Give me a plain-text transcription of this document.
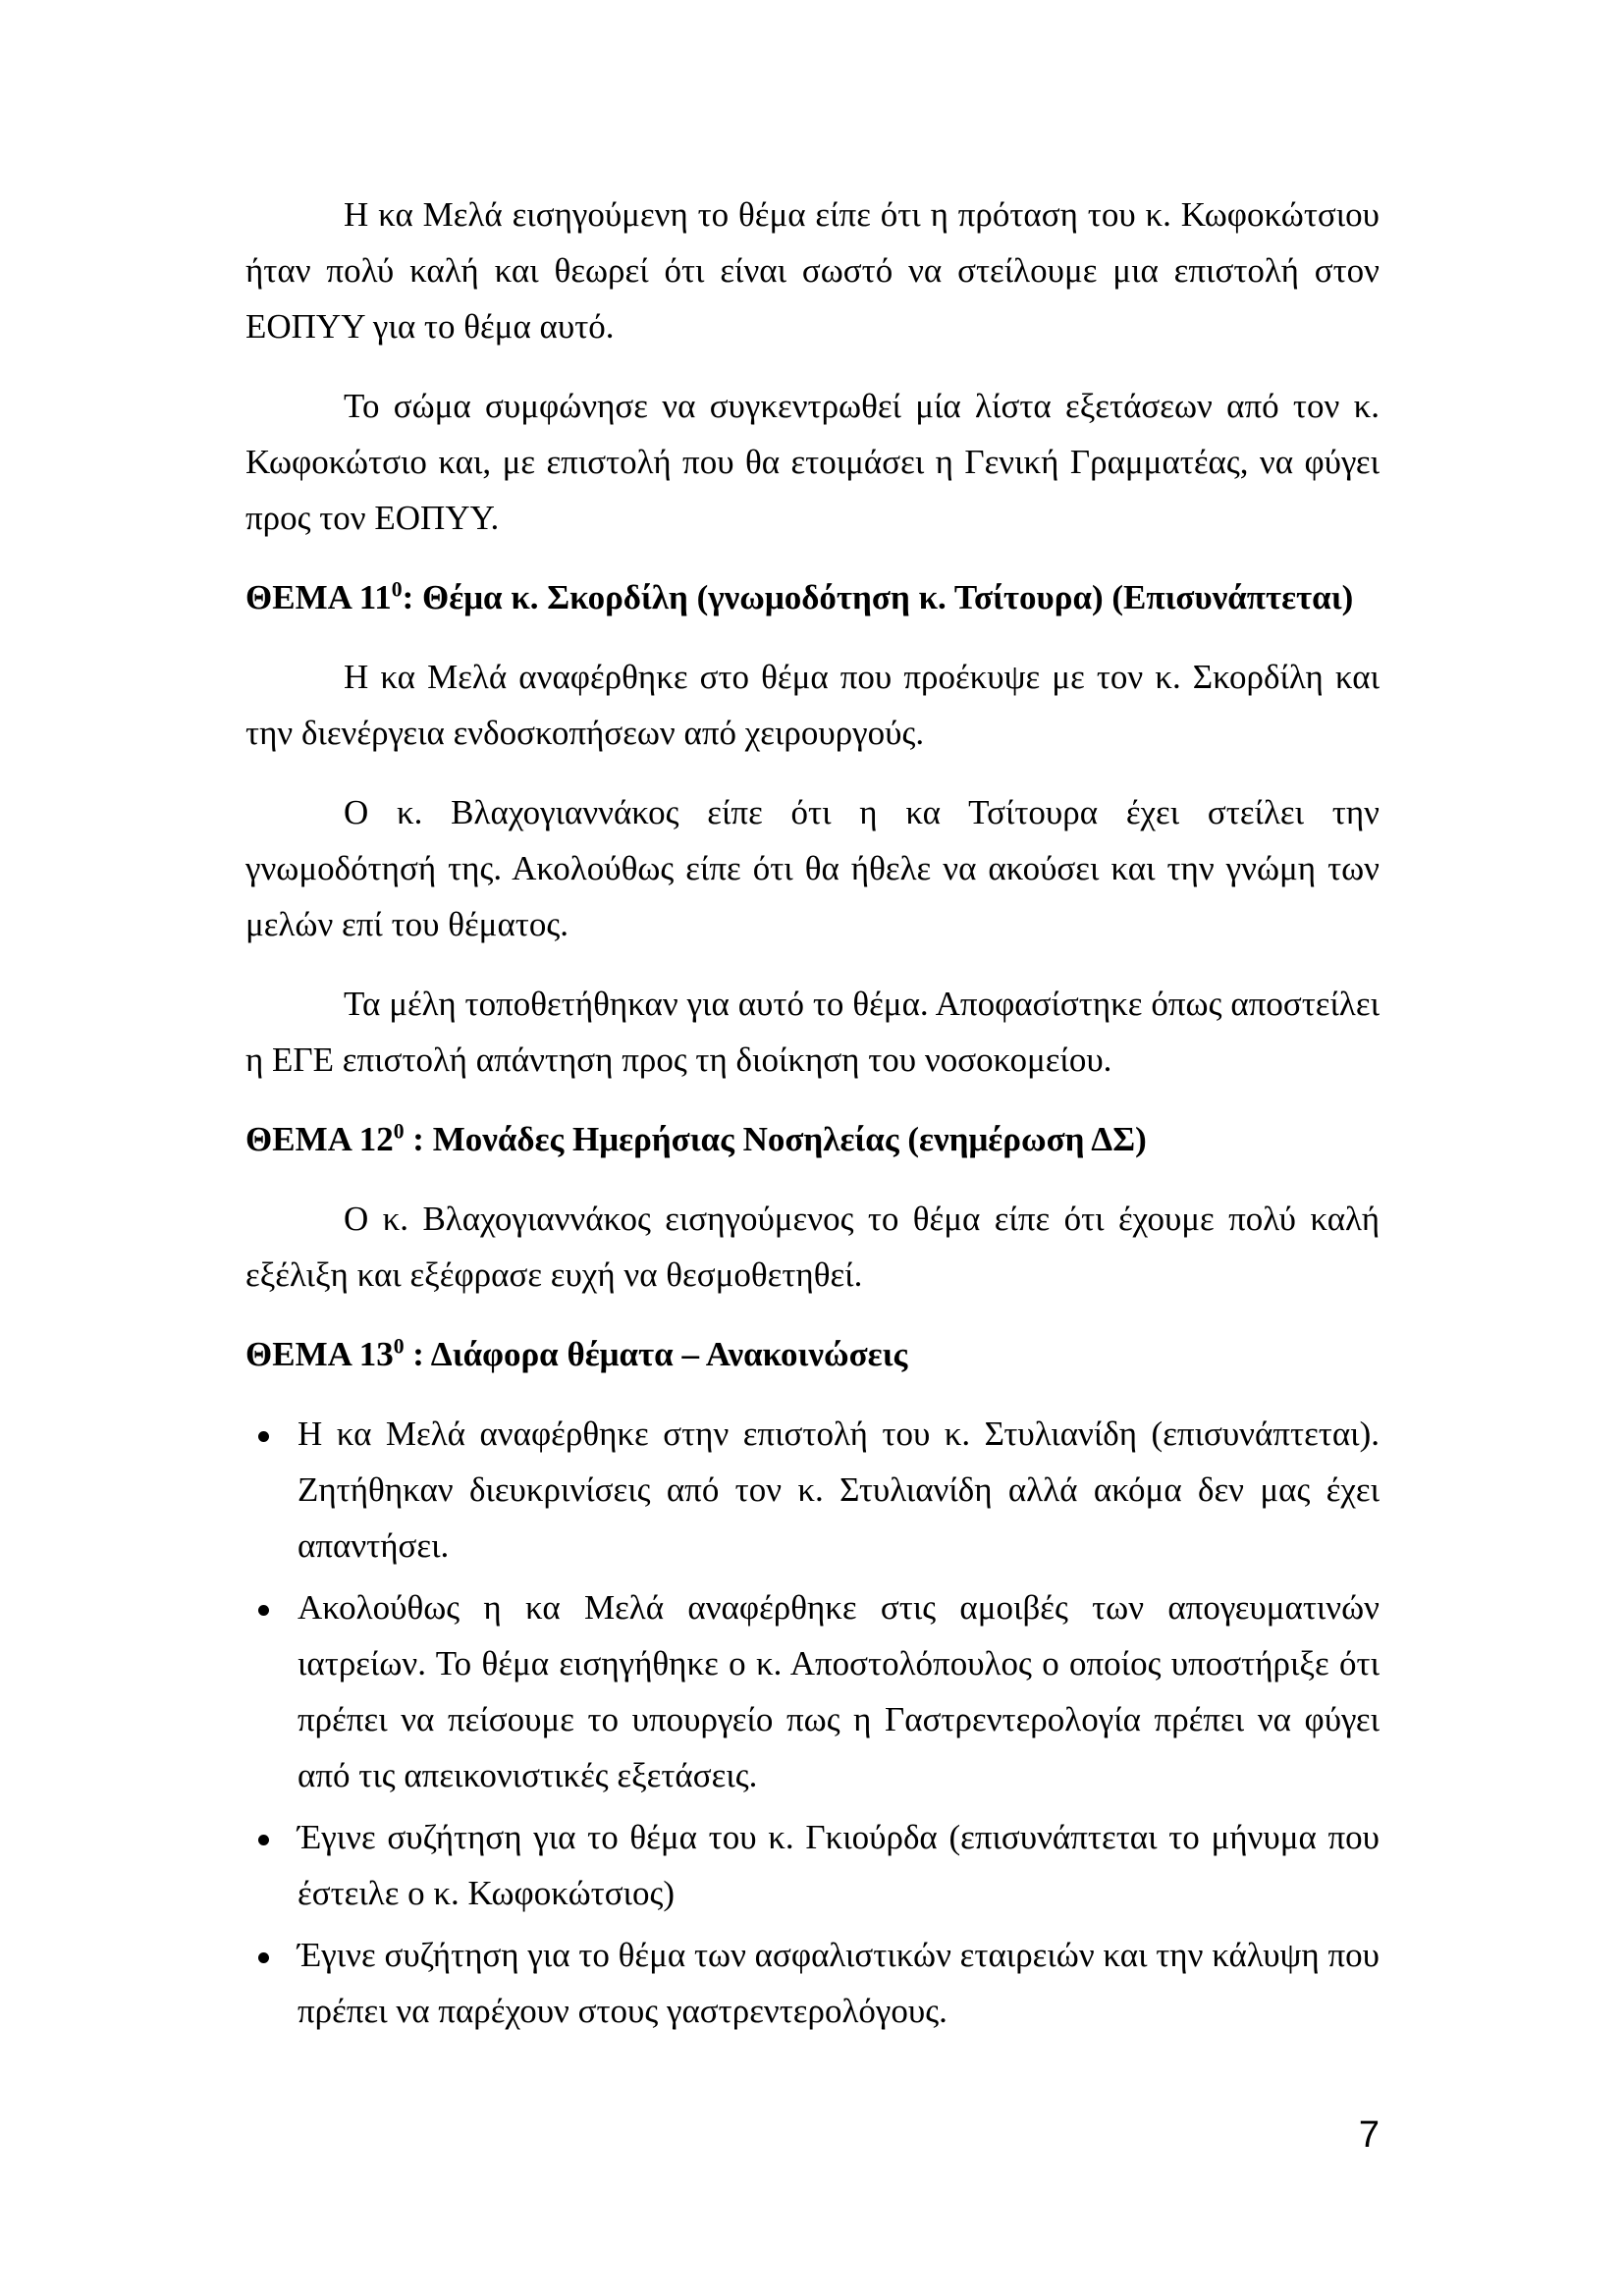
Η κα Μελά εισηγούμενη το θέμα είπε ότι η πρόταση του κ. Κωφοκώτσιου ήταν πολύ καλή και θεωρεί ότι είναι σωστό να στείλουμε μια επιστολή στον ΕΟΠΥΥ για το θέμα αυτό.

Το σώμα συμφώνησε να συγκεντρωθεί μία λίστα εξετάσεων από τον κ. Κωφοκώτσιο και, με επιστολή που θα ετοιμάσει η Γενική Γραμματέας, να φύγει προς τον ΕΟΠΥΥ.

ΘΕΜΑ $11^0$: Θέμα κ. Σκορδίλη (γνωμοδότηση κ. Τσίτουρα) (Επισυνάπτεται)

Η κα Μελά αναφέρθηκε στο θέμα που προέκυψε με τον κ. Σκορδίλη και την διενέργεια ενδοσκοπήσεων από χειρουργούς.

Ο κ. Βλαχογιαννάκος είπε ότι η κα Τσίτουρα έχει στείλει την γνωμοδότησή της. Ακολούθως είπε ότι θα ήθελε να ακούσει και την γνώμη των μελών επί του θέματος.

Τα μέλη τοποθετήθηκαν για αυτό το θέμα. Αποφασίστηκε όπως αποστείλει η ΕΓΕ επιστολή απάντηση προς τη διοίκηση του νοσοκομείου.

ΘΕΜΑ $12^0$ : Μονάδες Ημερήσιας Νοσηλείας (ενημέρωση ΔΣ)

Ο κ. Βλαχογιαννάκος εισηγούμενος το θέμα είπε ότι έχουμε πολύ καλή εξέλιξη και εξέφρασε ευχή να θεσμοθετηθεί.

ΘΕΜΑ $13^0$ : Διάφορα θέματα – Ανακοινώσεις
Η κα Μελά αναφέρθηκε στην επιστολή του κ. Στυλιανίδη (επισυνάπτεται). Ζητήθηκαν διευκρινίσεις από τον κ. Στυλιανίδη αλλά ακόμα δεν μας έχει απαντήσει.
Ακολούθως η κα Μελά αναφέρθηκε στις αμοιβές των απογευματινών ιατρείων. Το θέμα εισηγήθηκε ο κ. Αποστολόπουλος ο οποίος υποστήριξε ότι πρέπει να πείσουμε το υπουργείο πως η Γαστρεντερολογία πρέπει να φύγει από τις απεικονιστικές εξετάσεις.
Έγινε συζήτηση για το θέμα του κ. Γκιούρδα (επισυνάπτεται το μήνυμα που έστειλε ο κ. Κωφοκώτσιος)
Έγινε συζήτηση για το θέμα των ασφαλιστικών εταιρειών και την κάλυψη που πρέπει να παρέχουν στους γαστρεντερολόγους.
7
